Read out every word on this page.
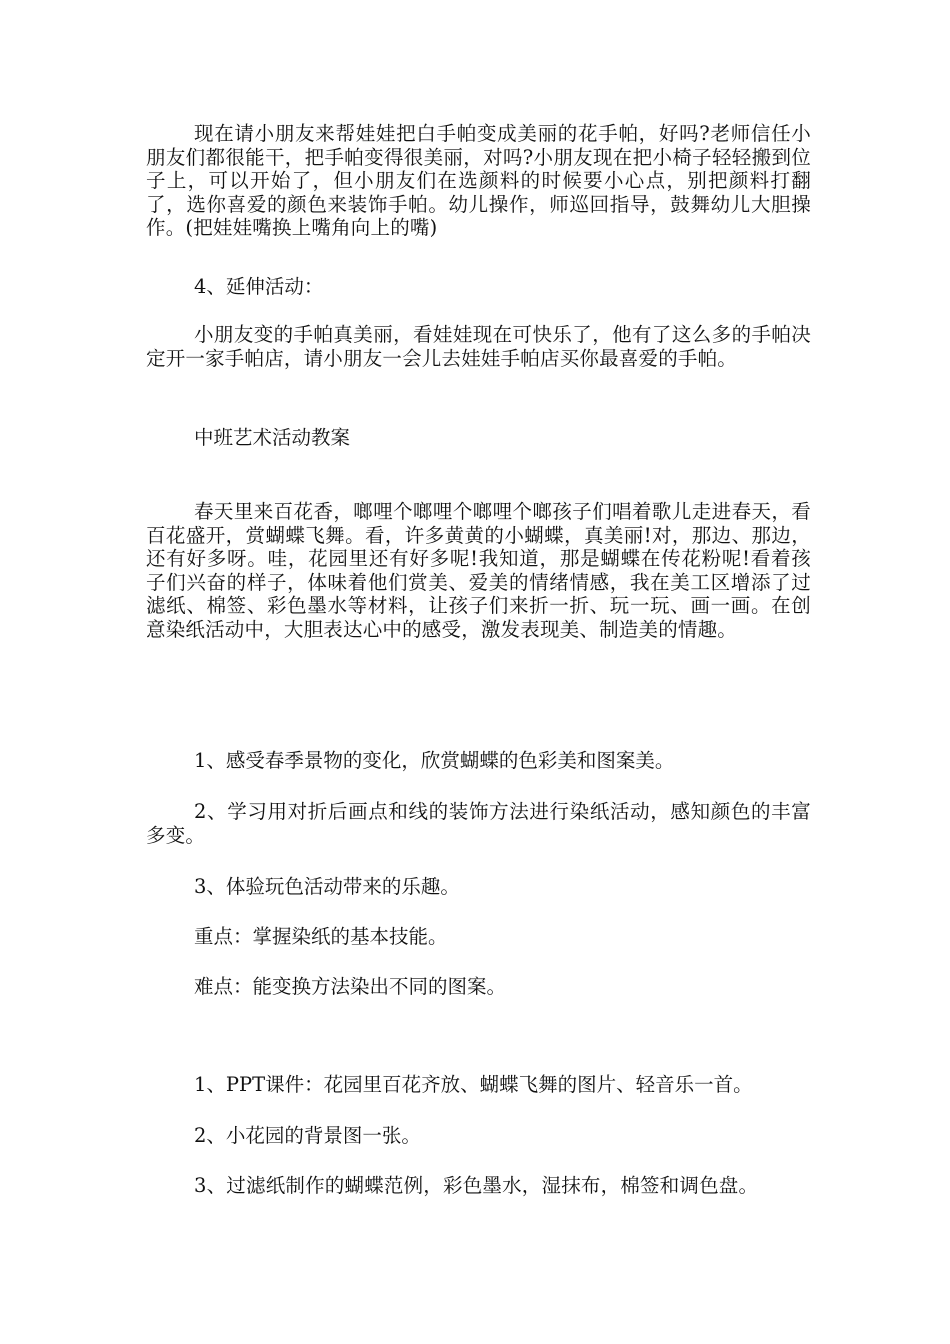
现在请小朋友来帮娃娃把白手帕变成美丽的花手帕，好吗?老师信任小朋友们都很能干，把手帕变得很美丽，对吗?小朋友现在把小椅子轻轻搬到位子上，可以开始了，但小朋友们在选颜料的时候要小心点，别把颜料打翻了，选你喜爱的颜色来装饰手帕。幼儿操作，师巡回指导，鼓舞幼儿大胆操作。(把娃娃嘴换上嘴角向上的嘴)

4、延伸活动：

小朋友变的手帕真美丽，看娃娃现在可快乐了，他有了这么多的手帕决定开一家手帕店，请小朋友一会儿去娃娃手帕店买你最喜爱的手帕。

中班艺术活动教案

春天里来百花香，啷哩个啷哩个啷哩个啷孩子们唱着歌儿走进春天，看百花盛开，赏蝴蝶飞舞。看，许多黄黄的小蝴蝶，真美丽!对，那边、那边，还有好多呀。哇，花园里还有好多呢!我知道，那是蝴蝶在传花粉呢!看着孩子们兴奋的样子，体味着他们赏美、爱美的情绪情感，我在美工区增添了过滤纸、棉签、彩色墨水等材料，让孩子们来折一折、玩一玩、画一画。在创意染纸活动中，大胆表达心中的感受，激发表现美、制造美的情趣。

1、感受春季景物的变化，欣赏蝴蝶的色彩美和图案美。

2、学习用对折后画点和线的装饰方法进行染纸活动，感知颜色的丰富多变。

3、体验玩色活动带来的乐趣。

重点：掌握染纸的基本技能。

难点：能变换方法染出不同的图案。

1、PPT课件：花园里百花齐放、蝴蝶飞舞的图片、轻音乐一首。

2、小花园的背景图一张。

3、过滤纸制作的蝴蝶范例，彩色墨水，湿抹布，棉签和调色盘。
